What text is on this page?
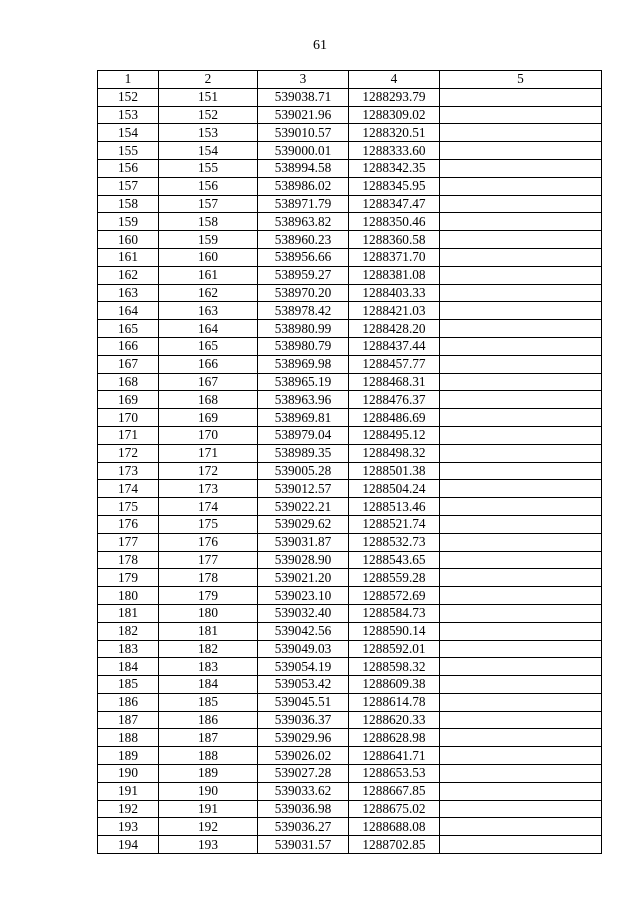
61
1	2	3	4	5
152	151	539038.71	1288293.79	
153	152	539021.96	1288309.02	
154	153	539010.57	1288320.51	
155	154	539000.01	1288333.60	
156	155	538994.58	1288342.35	
157	156	538986.02	1288345.95	
158	157	538971.79	1288347.47	
159	158	538963.82	1288350.46	
160	159	538960.23	1288360.58	
161	160	538956.66	1288371.70	
162	161	538959.27	1288381.08	
163	162	538970.20	1288403.33	
164	163	538978.42	1288421.03	
165	164	538980.99	1288428.20	
166	165	538980.79	1288437.44	
167	166	538969.98	1288457.77	
168	167	538965.19	1288468.31	
169	168	538963.96	1288476.37	
170	169	538969.81	1288486.69	
171	170	538979.04	1288495.12	
172	171	538989.35	1288498.32	
173	172	539005.28	1288501.38	
174	173	539012.57	1288504.24	
175	174	539022.21	1288513.46	
176	175	539029.62	1288521.74	
177	176	539031.87	1288532.73	
178	177	539028.90	1288543.65	
179	178	539021.20	1288559.28	
180	179	539023.10	1288572.69	
181	180	539032.40	1288584.73	
182	181	539042.56	1288590.14	
183	182	539049.03	1288592.01	
184	183	539054.19	1288598.32	
185	184	539053.42	1288609.38	
186	185	539045.51	1288614.78	
187	186	539036.37	1288620.33	
188	187	539029.96	1288628.98	
189	188	539026.02	1288641.71	
190	189	539027.28	1288653.53	
191	190	539033.62	1288667.85	
192	191	539036.98	1288675.02	
193	192	539036.27	1288688.08	
194	193	539031.57	1288702.85	
